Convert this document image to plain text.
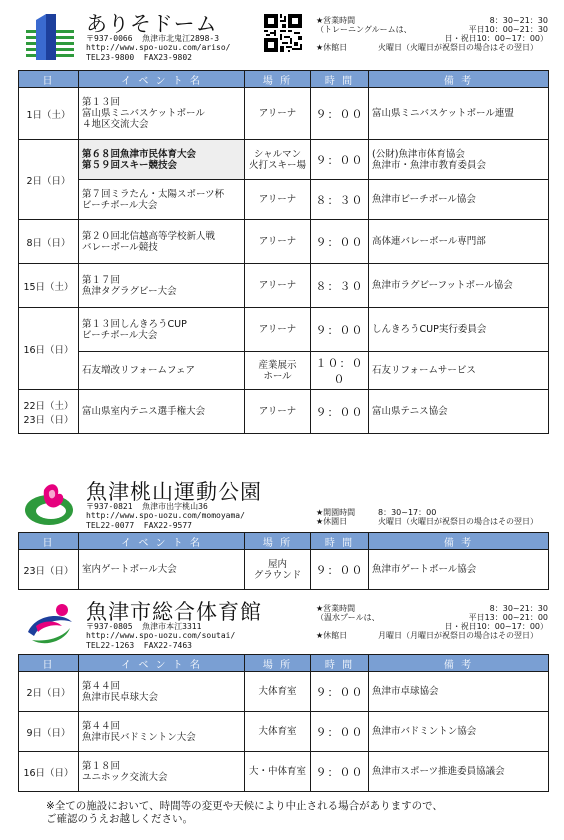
ありそドーム
〒937-0066  魚津市北鬼江2898-3
http://www.spo-uozu.com/ariso/
TEL23-9800  FAX23-9802
★営業時間	8：30~21：30
（トレーニングルームは、	平日10：00~21：30
日・祝日10：00~17：00）
★休館日	火曜日（火曜日が祝祭日の場合はその翌日）
日	イ ベ ン ト 名	場 所	時 間	備 考
1日（土）	第１３回
富山県ミニバスケットボール
４地区交流大会	アリーナ	９：００	富山県ミニバスケットボール連盟
2日（日）	第６８回魚津市民体育大会
第５９回スキー競技会	シャルマン
火打スキー場	９：００	(公財)魚津市体育協会
魚津市・魚津市教育委員会
	第７回ミラたん・太陽スポーツ杯
ビーチボール大会	アリーナ	８：３０	魚津市ビーチボール協会
8日（日）	第２０回北信越高等学校新人戦
バレーボール競技	アリーナ	９：００	高体連バレーボール専門部
15日（土）	第１７回
魚津タグラグビー大会	アリーナ	８：３０	魚津市ラグビーフットボール協会
16日（日）	第１３回しんきろうCUP
ビーチボール大会	アリーナ	９：００	しんきろうCUP実行委員会
	石友増改リフォームフェア	産業展示
ホール	１０：００	石友リフォームサービス
22日（土）
23日（日）	富山県室内テニス選手権大会	アリーナ	９：００	富山県テニス協会
魚津桃山運動公園
〒937-0821  魚津市出字桃山36
http://www.spo-uozu.com/momoyama/
TEL22-0077  FAX22-9577
★開園時間	8：30~17：00
★休園日	火曜日（火曜日が祝祭日の場合はその翌日）
日	イ ベ ン ト 名	場 所	時 間	備 考
23日（日）	室内ゲートボール大会	屋内
グラウンド	９：００	魚津市ゲートボール協会
魚津市総合体育館
〒937-0805  魚津市本江3311
http://www.spo-uozu.com/soutai/
TEL22-1263  FAX22-7463
★営業時間	8：30~21：30
（温水プールは、	平日13：00~21：00
日・祝日10：00~17：00）
★休館日	月曜日（月曜日が祝祭日の場合はその翌日）
日	イ ベ ン ト 名	場 所	時 間	備 考
2日（日）	第４４回
魚津市民卓球大会	大体育室	９：００	魚津市卓球協会
9日（日）	第４４回
魚津市民バドミントン大会	大体育室	９：００	魚津市バドミントン協会
16日（日）	第１８回
ユニホック交流大会	大・中体育室	９：００	魚津市スポーツ推進委員協議会
※全ての施設において、時間等の変更や天候により中止される場合がありますので、
ご確認のうえお越しください。
